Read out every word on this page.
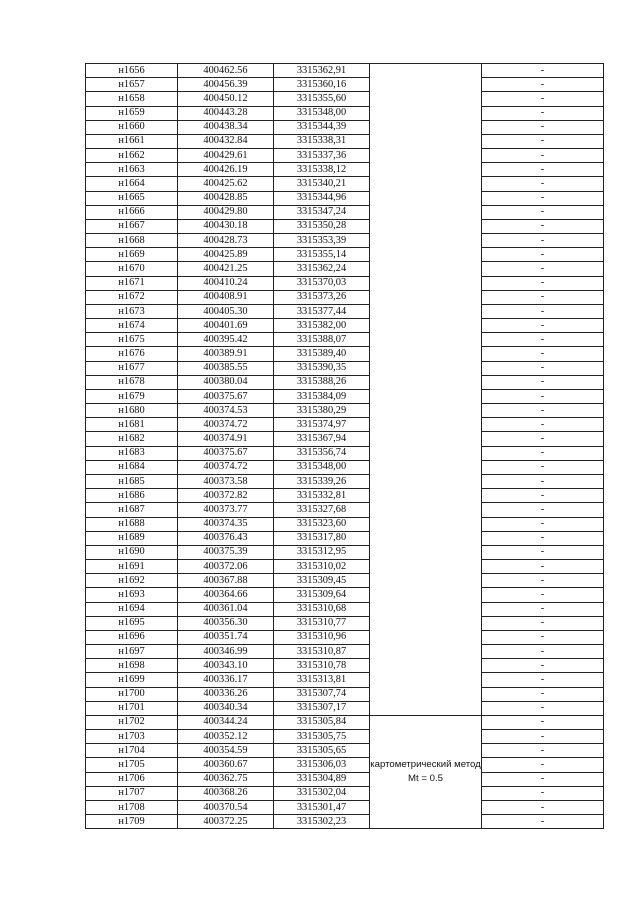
н1656	400462.56	3315362,91		-
н1657	400456.39	3315360,16		-
н1658	400450.12	3315355,60		-
н1659	400443.28	3315348,00		-
н1660	400438.34	3315344,39		-
н1661	400432.84	3315338,31		-
н1662	400429.61	3315337,36		-
н1663	400426.19	3315338,12		-
н1664	400425.62	3315340,21		-
н1665	400428.85	3315344,96		-
н1666	400429.80	3315347,24		-
н1667	400430.18	3315350,28		-
н1668	400428.73	3315353,39		-
н1669	400425.89	3315355,14		-
н1670	400421.25	3315362,24		-
н1671	400410.24	3315370,03		-
н1672	400408.91	3315373,26		-
н1673	400405.30	3315377,44		-
н1674	400401.69	3315382,00		-
н1675	400395.42	3315388,07		-
н1676	400389.91	3315389,40		-
н1677	400385.55	3315390,35		-
н1678	400380.04	3315388,26		-
н1679	400375.67	3315384,09		-
н1680	400374.53	3315380,29		-
н1681	400374.72	3315374,97		-
н1682	400374.91	3315367,94		-
н1683	400375.67	3315356,74		-
н1684	400374.72	3315348,00		-
н1685	400373.58	3315339,26		-
н1686	400372.82	3315332,81		-
н1687	400373.77	3315327,68		-
н1688	400374.35	3315323,60		-
н1689	400376.43	3315317,80		-
н1690	400375.39	3315312,95		-
н1691	400372.06	3315310,02		-
н1692	400367.88	3315309,45		-
н1693	400364.66	3315309,64		-
н1694	400361.04	3315310,68		-
н1695	400356.30	3315310,77		-
н1696	400351.74	3315310,96		-
н1697	400346.99	3315310,87		-
н1698	400343.10	3315310,78		-
н1699	400336.17	3315313,81		-
н1700	400336.26	3315307,74		-
н1701	400340.34	3315307,17		-
н1702	400344.24	3315305,84	картометрический метод Mt = 0.5	-
н1703	400352.12	3315305,75		-
н1704	400354.59	3315305,65		-
н1705	400360.67	3315306,03		-
н1706	400362.75	3315304,89		-
н1707	400368.26	3315302,04		-
н1708	400370.54	3315301,47		-
н1709	400372.25	3315302,23		-
